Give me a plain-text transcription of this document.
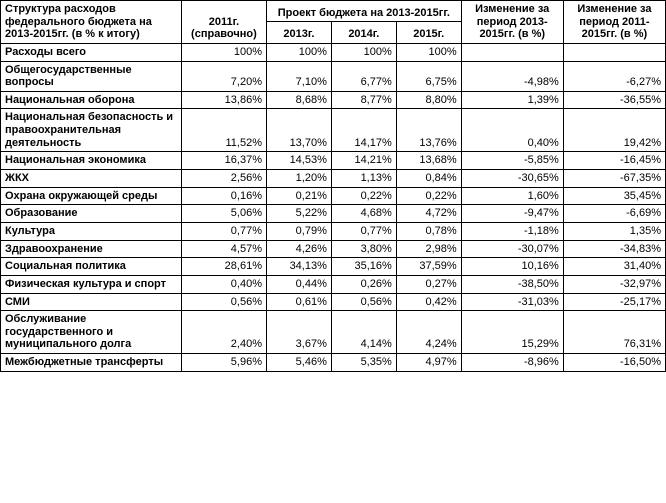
Структура расходов федерального бюджета на 2013-2015гг. (в % к итогу)	2011г. (справочно)	Проект бюджета на 2013-2015гг.			Изменение за период 2013-2015гг. (в %)	Изменение за период 2011-2015гг. (в %)
		2013г.	2014г.	2015г.		
Расходы всего	100%	100%	100%	100%		
Общегосударственные вопросы	7,20%	7,10%	6,77%	6,75%	-4,98%	-6,27%
Национальная оборона	13,86%	8,68%	8,77%	8,80%	1,39%	-36,55%
Национальная безопасность и правоохранительная деятельность	11,52%	13,70%	14,17%	13,76%	0,40%	19,42%
Национальная экономика	16,37%	14,53%	14,21%	13,68%	-5,85%	-16,45%
ЖКХ	2,56%	1,20%	1,13%	0,84%	-30,65%	-67,35%
Охрана окружающей среды	0,16%	0,21%	0,22%	0,22%	1,60%	35,45%
Образование	5,06%	5,22%	4,68%	4,72%	-9,47%	-6,69%
Культура	0,77%	0,79%	0,77%	0,78%	-1,18%	1,35%
Здравоохранение	4,57%	4,26%	3,80%	2,98%	-30,07%	-34,83%
Социальная политика	28,61%	34,13%	35,16%	37,59%	10,16%	31,40%
Физическая культура и спорт	0,40%	0,44%	0,26%	0,27%	-38,50%	-32,97%
СМИ	0,56%	0,61%	0,56%	0,42%	-31,03%	-25,17%
Обслуживание государственного и муниципального долга	2,40%	3,67%	4,14%	4,24%	15,29%	76,31%
Межбюджетные трансферты	5,96%	5,46%	5,35%	4,97%	-8,96%	-16,50%
